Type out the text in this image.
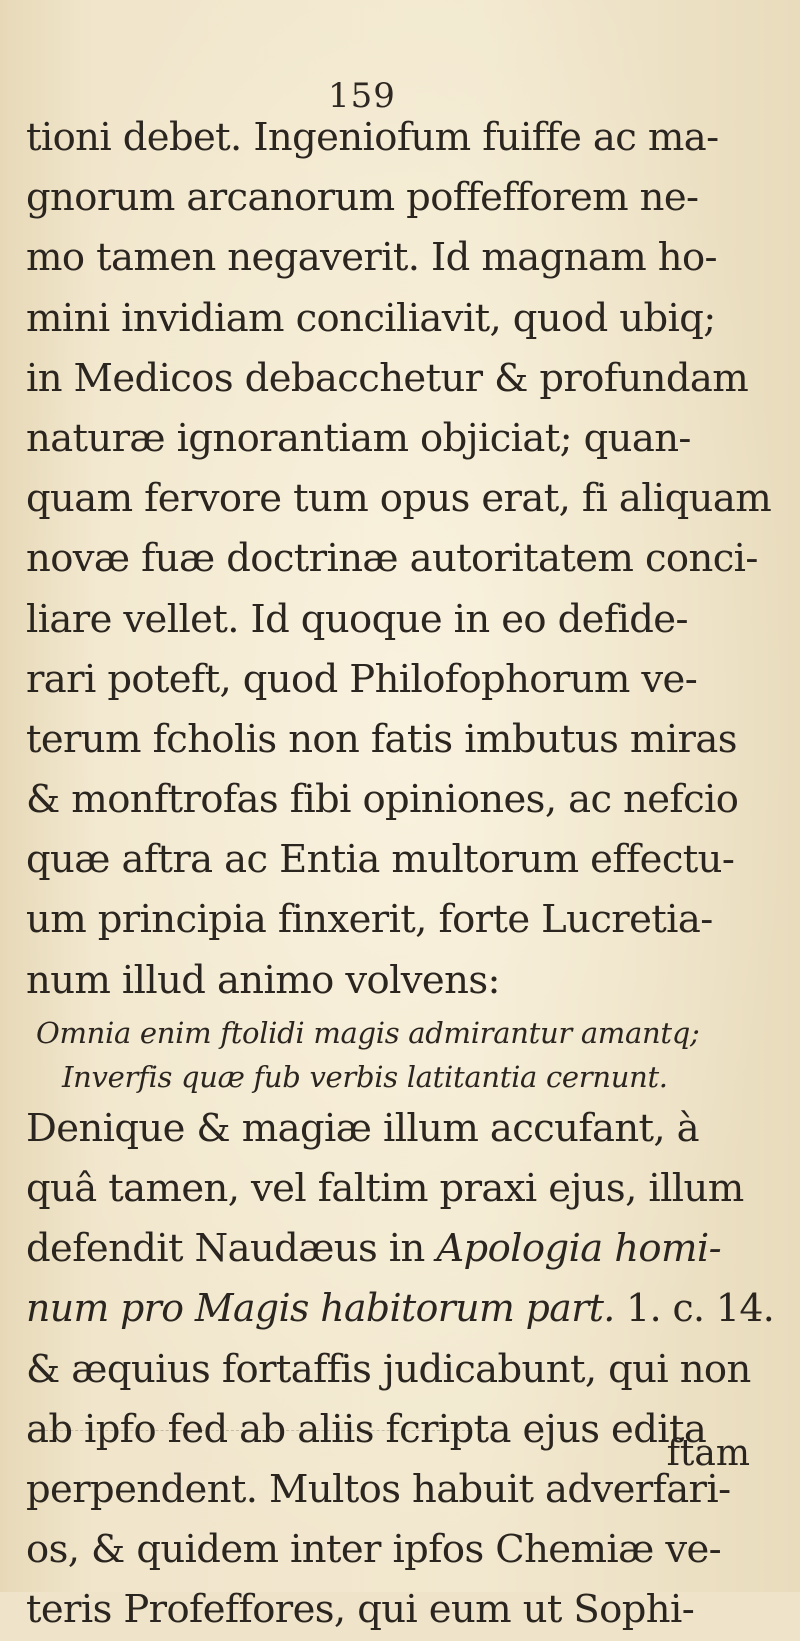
159
tioni debet. Ingeniofum fuiffe ac ma-
gnorum arcanorum poffefforem ne-
mo tamen negaverit. Id magnam ho-
mini invidiam conciliavit, quod ubiq;
in Medicos debacchetur & profundam
naturæ ignorantiam objiciat; quan-
quam fervore tum opus erat, fi aliquam
novæ fuæ doctrinæ autoritatem conci-
liare vellet. Id quoque in eo defide-
rari poteft, quod Philofophorum ve-
terum fcholis non fatis imbutus miras
& monftrofas fibi opiniones, ac nefcio
quæ aftra ac Entia multorum effectu-
um principia finxerit, forte Lucretia-
num illud animo volvens:
Omnia enim ftolidi magis admirantur amantq;
Inverfis quæ fub verbis latitantia cernunt.
Denique & magiæ illum accufant, à
quâ tamen, vel faltim praxi ejus, illum
defendit Naudæus in Apologia homi-
num pro Magis habitorum part. 1. c. 14.
& æquius fortaffis judicabunt, qui non
ab ipfo fed ab aliis fcripta ejus edita
perpendent. Multos habuit adverfari-
os, & quidem inter ipfos Chemiæ ve-
teris Profeffores, qui eum ut Sophi-
ftam
